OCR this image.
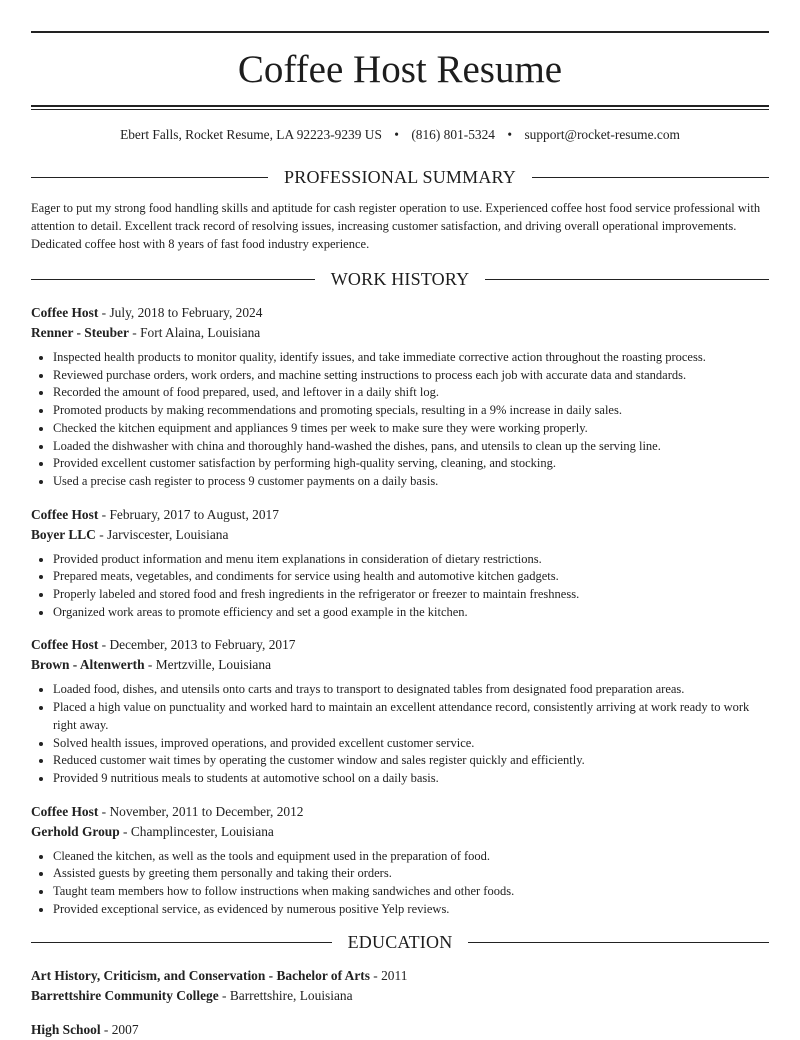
Coffee Host Resume
Ebert Falls, Rocket Resume, LA 92223-9239 US • (816) 801-5324 • support@rocket-resume.com
PROFESSIONAL SUMMARY
Eager to put my strong food handling skills and aptitude for cash register operation to use. Experienced coffee host food service professional with attention to detail. Excellent track record of resolving issues, increasing customer satisfaction, and driving overall operational improvements. Dedicated coffee host with 8 years of fast food industry experience.
WORK HISTORY
Coffee Host - July, 2018 to February, 2024
Renner - Steuber - Fort Alaina, Louisiana
• Inspected health products to monitor quality, identify issues, and take immediate corrective action throughout the roasting process.
• Reviewed purchase orders, work orders, and machine setting instructions to process each job with accurate data and standards.
• Recorded the amount of food prepared, used, and leftover in a daily shift log.
• Promoted products by making recommendations and promoting specials, resulting in a 9% increase in daily sales.
• Checked the kitchen equipment and appliances 9 times per week to make sure they were working properly.
• Loaded the dishwasher with china and thoroughly hand-washed the dishes, pans, and utensils to clean up the serving line.
• Provided excellent customer satisfaction by performing high-quality serving, cleaning, and stocking.
• Used a precise cash register to process 9 customer payments on a daily basis.
Coffee Host - February, 2017 to August, 2017
Boyer LLC - Jarviscester, Louisiana
• Provided product information and menu item explanations in consideration of dietary restrictions.
• Prepared meats, vegetables, and condiments for service using health and automotive kitchen gadgets.
• Properly labeled and stored food and fresh ingredients in the refrigerator or freezer to maintain freshness.
• Organized work areas to promote efficiency and set a good example in the kitchen.
Coffee Host - December, 2013 to February, 2017
Brown - Altenwerth - Mertzville, Louisiana
• Loaded food, dishes, and utensils onto carts and trays to transport to designated tables from designated food preparation areas.
• Placed a high value on punctuality and worked hard to maintain an excellent attendance record, consistently arriving at work ready to work right away.
• Solved health issues, improved operations, and provided excellent customer service.
• Reduced customer wait times by operating the customer window and sales register quickly and efficiently.
• Provided 9 nutritious meals to students at automotive school on a daily basis.
Coffee Host - November, 2011 to December, 2012
Gerhold Group - Champlincester, Louisiana
• Cleaned the kitchen, as well as the tools and equipment used in the preparation of food.
• Assisted guests by greeting them personally and taking their orders.
• Taught team members how to follow instructions when making sandwiches and other foods.
• Provided exceptional service, as evidenced by numerous positive Yelp reviews.
EDUCATION
Art History, Criticism, and Conservation - Bachelor of Arts - 2011
Barrettshire Community College - Barrettshire, Louisiana
High School - 2007
